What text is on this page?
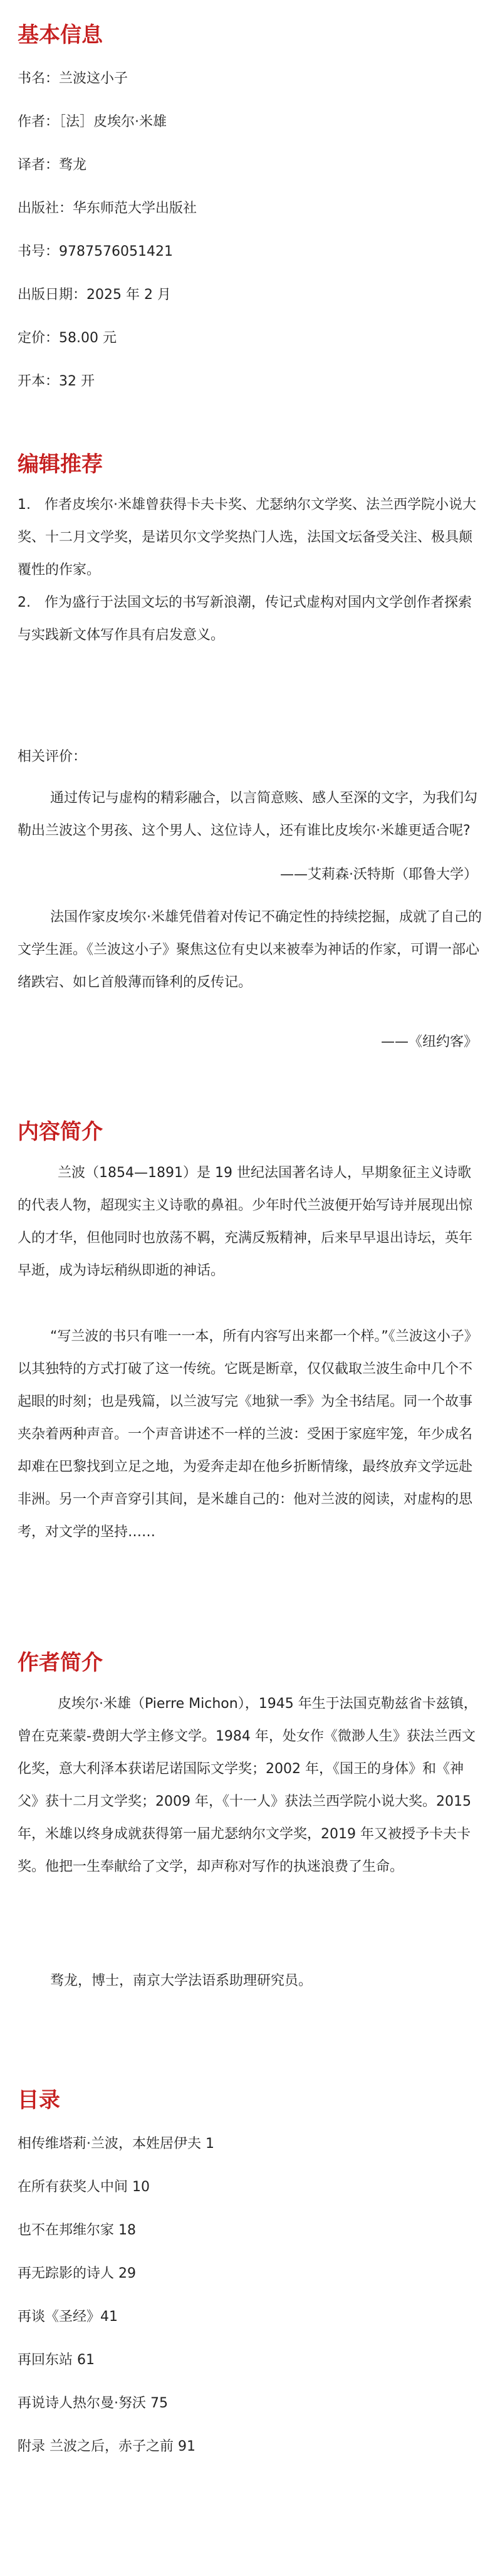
基本信息
书名：兰波这小子
作者：［法］皮埃尔·米雄
译者：骛龙
出版社：华东师范大学出版社
书号：9787576051421
出版日期：2025 年 2 月
定价：58.00 元
开本：32 开
编辑推荐
1.　作者皮埃尔·米雄曾获得卡夫卡奖、尤瑟纳尔文学奖、法兰西学院小说大奖、十二月文学奖，是诺贝尔文学奖热门人选，法国文坛备受关注、极具颠覆性的作家。
2.　作为盛行于法国文坛的书写新浪潮，传记式虚构对国内文学创作者探索与实践新文体写作具有启发意义。
相关评价：
通过传记与虚构的精彩融合，以言简意赅、感人至深的文字，为我们勾勒出兰波这个男孩、这个男人、这位诗人，还有谁比皮埃尔·米雄更适合呢?
——艾莉森·沃特斯（耶鲁大学）
法国作家皮埃尔·米雄凭借着对传记不确定性的持续挖掘，成就了自己的文学生涯。《兰波这小子》聚焦这位有史以来被奉为神话的作家，可谓一部心绪跌宕、如匕首般薄而锋利的反传记。
——《纽约客》
内容简介
兰波（1854—1891）是 19 世纪法国著名诗人，早期象征主义诗歌的代表人物，超现实主义诗歌的鼻祖。少年时代兰波便开始写诗并展现出惊人的才华，但他同时也放荡不羁，充满反叛精神，后来早早退出诗坛，英年早逝，成为诗坛稍纵即逝的神话。
“写兰波的书只有唯一一本，所有内容写出来都一个样。”《兰波这小子》以其独特的方式打破了这一传统。它既是断章，仅仅截取兰波生命中几个不起眼的时刻；也是残篇，以兰波写完《地狱一季》为全书结尾。同一个故事夹杂着两种声音。一个声音讲述不一样的兰波：受困于家庭牢笼，年少成名却难在巴黎找到立足之地，为爱奔走却在他乡折断情缘，最终放弃文学远赴非洲。另一个声音穿引其间，是米雄自己的：他对兰波的阅读，对虚构的思考，对文学的坚持……
作者简介
皮埃尔·米雄（Pierre Michon），1945 年生于法国克勒兹省卡兹镇，曾在克莱蒙-费朗大学主修文学。1984 年，处女作《微渺人生》获法兰西文化奖，意大利泽本获诺尼诺国际文学奖；2002 年，《国王的身体》和《神父》获十二月文学奖；2009 年，《十一人》获法兰西学院小说大奖。2015 年，米雄以终身成就获得第一届尤瑟纳尔文学奖，2019 年又被授予卡夫卡奖。他把一生奉献给了文学，却声称对写作的执迷浪费了生命。
骛龙，博士，南京大学法语系助理研究员。
目录
相传维塔莉·兰波，本姓居伊夫 1
在所有获奖人中间 10
也不在邦维尔家 18
再无踪影的诗人 29
再谈《圣经》41
再回东站 61
再说诗人热尔曼·努沃 75
附录 兰波之后，赤子之前 91
